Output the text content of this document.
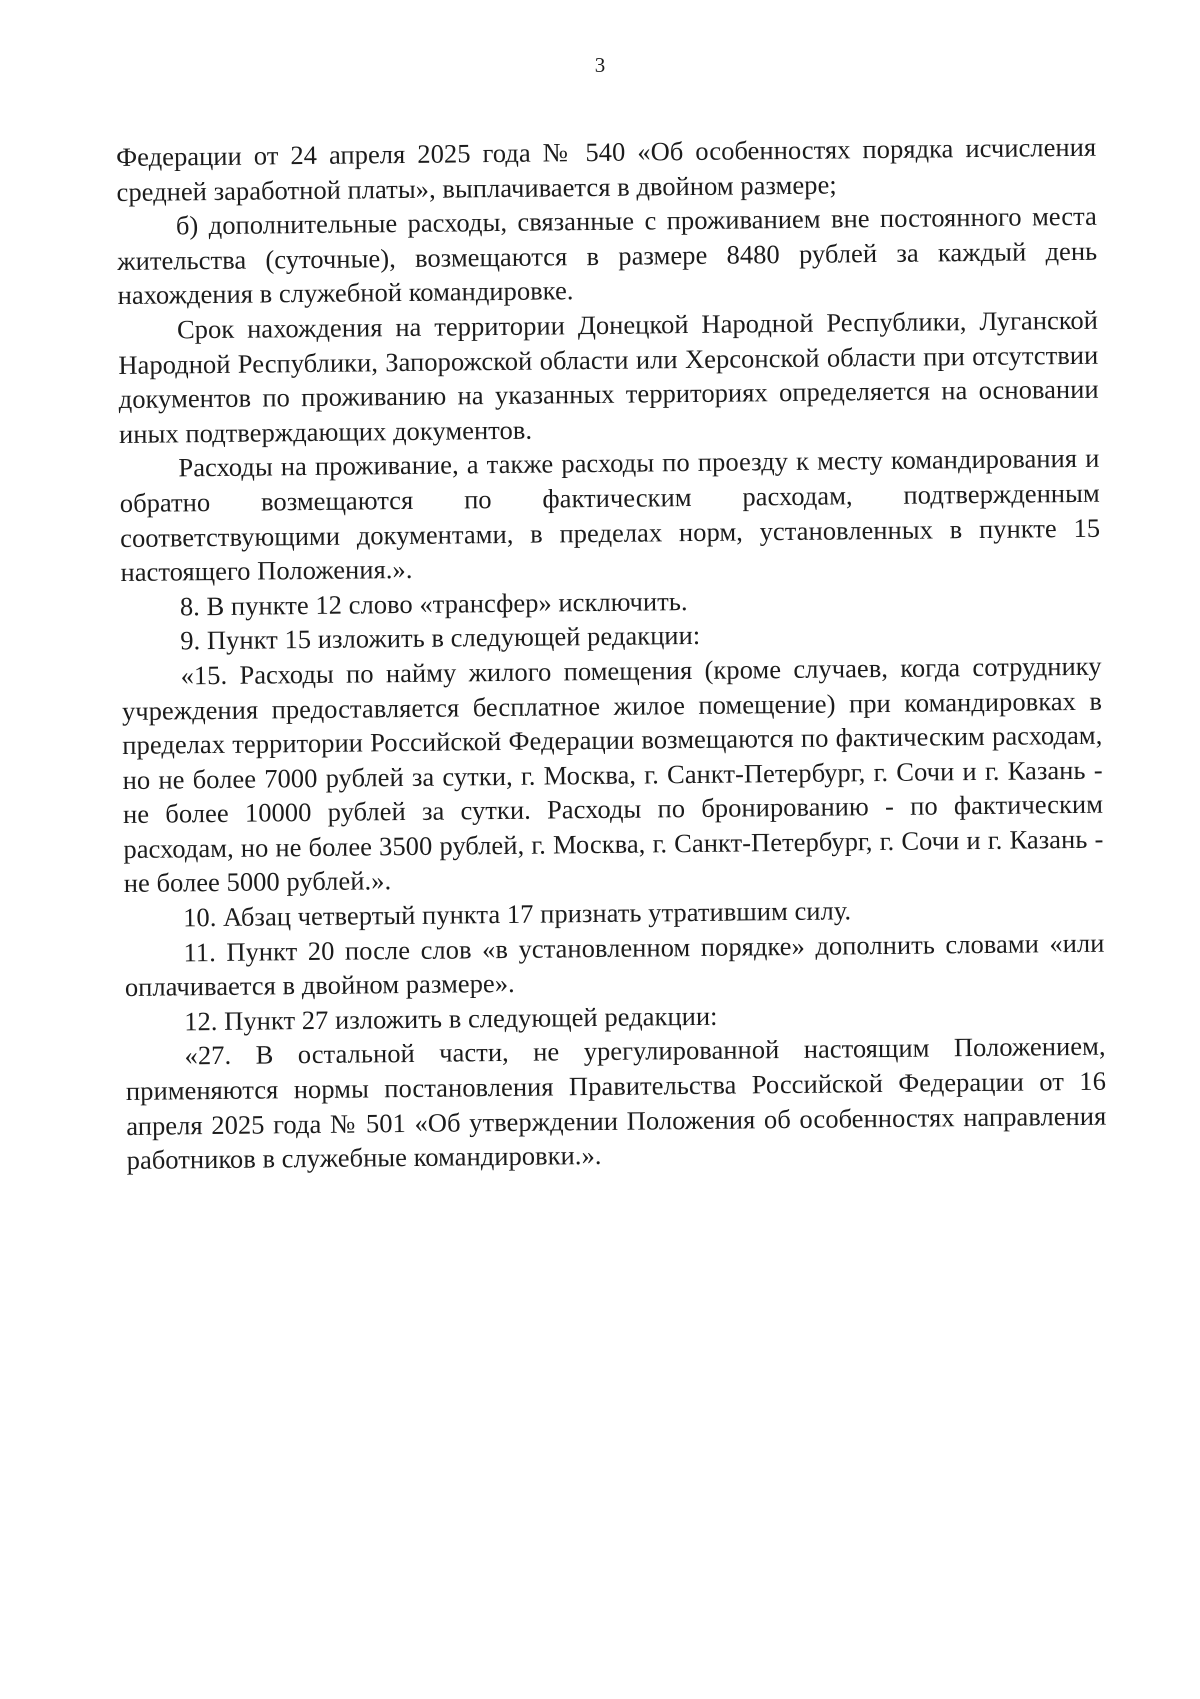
3

Федерации от 24 апреля 2025 года № 540 «Об особенностях порядка исчисления средней заработной платы», выплачивается в двойном размере;

б) дополнительные расходы, связанные с проживанием вне постоянного места жительства (суточные), возмещаются в размере 8480 рублей за каждый день нахождения в служебной командировке.

Срок нахождения на территории Донецкой Народной Республики, Луганской Народной Республики, Запорожской области или Херсонской области при отсутствии документов по проживанию на указанных территориях определяется на основании иных подтверждающих документов.

Расходы на проживание, а также расходы по проезду к месту командирования и обратно возмещаются по фактическим расходам, подтвержденным соответствующими документами, в пределах норм, установленных в пункте 15 настоящего Положения.».

8. В пункте 12 слово «трансфер» исключить.

9. Пункт 15 изложить в следующей редакции:

«15. Расходы по найму жилого помещения (кроме случаев, когда сотруднику учреждения предоставляется бесплатное жилое помещение) при командировках в пределах территории Российской Федерации возмещаются по фактическим расходам, но не более 7000 рублей за сутки, г. Москва, г. Санкт-Петербург, г. Сочи и г. Казань - не более 10000 рублей за сутки. Расходы по бронированию - по фактическим расходам, но не более 3500 рублей, г. Москва, г. Санкт-Петербург, г. Сочи и г. Казань - не более 5000 рублей.».

10. Абзац четвертый пункта 17 признать утратившим силу.

11. Пункт 20 после слов «в установленном порядке» дополнить словами «или оплачивается в двойном размере».

12. Пункт 27 изложить в следующей редакции:

«27. В остальной части, не урегулированной настоящим Положением, применяются нормы постановления Правительства Российской Федерации от 16 апреля 2025 года № 501 «Об утверждении Положения об особенностях направления работников в служебные командировки.».
